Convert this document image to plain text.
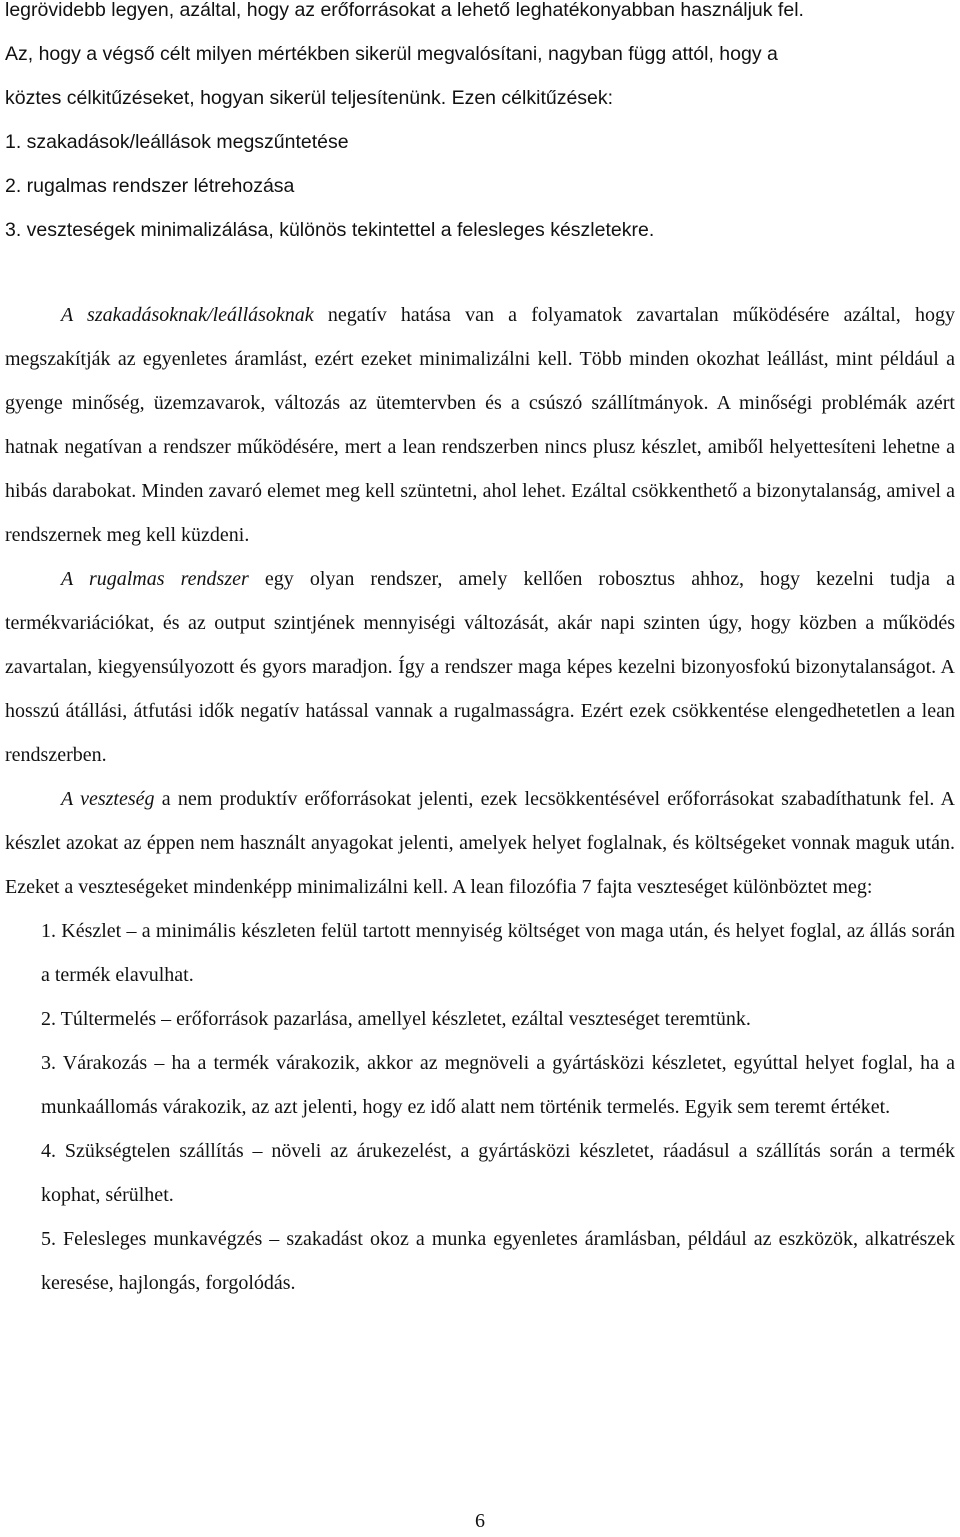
legrövidebb legyen, azáltal, hogy az erőforrásokat a lehető leghatékonyabban használjuk fel.

Az, hogy a végső célt milyen mértékben sikerül megvalósítani, nagyban függ attól, hogy a

köztes célkitűzéseket, hogyan sikerül teljesítenünk. Ezen célkitűzések:

1. szakadások/leállások megszűntetése

2. rugalmas rendszer létrehozása

3. veszteségek minimalizálása, különös tekintettel a felesleges készletekre.

A szakadásoknak/leállásoknak negatív hatása van a folyamatok zavartalan működésére azáltal, hogy megszakítják az egyenletes áramlást, ezért ezeket minimalizálni kell. Több minden okozhat leállást, mint például a gyenge minőség, üzemzavarok, változás az ütemtervben és a csúszó szállítmányok. A minőségi problémák azért hatnak negatívan a rendszer működésére, mert a lean rendszerben nincs plusz készlet, amiből helyettesíteni lehetne a hibás darabokat. Minden zavaró elemet meg kell szüntetni, ahol lehet. Ezáltal csökkenthető a bizonytalanság, amivel a rendszernek meg kell küzdeni.

A rugalmas rendszer egy olyan rendszer, amely kellően robosztus ahhoz, hogy kezelni tudja a termékvariációkat, és az output szintjének mennyiségi változását, akár napi szinten úgy, hogy közben a működés zavartalan, kiegyensúlyozott és gyors maradjon. Így a rendszer maga képes kezelni bizonyosfokú bizonytalanságot. A hosszú átállási, átfutási idők negatív hatással vannak a rugalmasságra. Ezért ezek csökkentése elengedhetetlen a lean rendszerben.

A veszteség a nem produktív erőforrásokat jelenti, ezek lecsökkentésével erőforrásokat szabadíthatunk fel. A készlet azokat az éppen nem használt anyagokat jelenti, amelyek helyet foglalnak, és költségeket vonnak maguk után. Ezeket a veszteségeket mindenképp minimalizálni kell. A lean filozófia 7 fajta veszteséget különböztet meg:

1. Készlet – a minimális készleten felül tartott mennyiség költséget von maga után, és helyet foglal, az állás során a termék elavulhat.
2. Túltermelés – erőforrások pazarlása, amellyel készletet, ezáltal veszteséget teremtünk.
3. Várakozás – ha a termék várakozik, akkor az megnöveli a gyártásközi készletet, egyúttal helyet foglal, ha a munkaállomás várakozik, az azt jelenti, hogy ez idő alatt nem történik termelés. Egyik sem teremt értéket.
4. Szükségtelen szállítás – növeli az árukezelést, a gyártásközi készletet, ráadásul a szállítás során a termék kophat, sérülhet.
5. Felesleges munkavégzés – szakadást okoz a munka egyenletes áramlásban, például az eszközök, alkatrészek keresése, hajlongás, forgolódás.
6
